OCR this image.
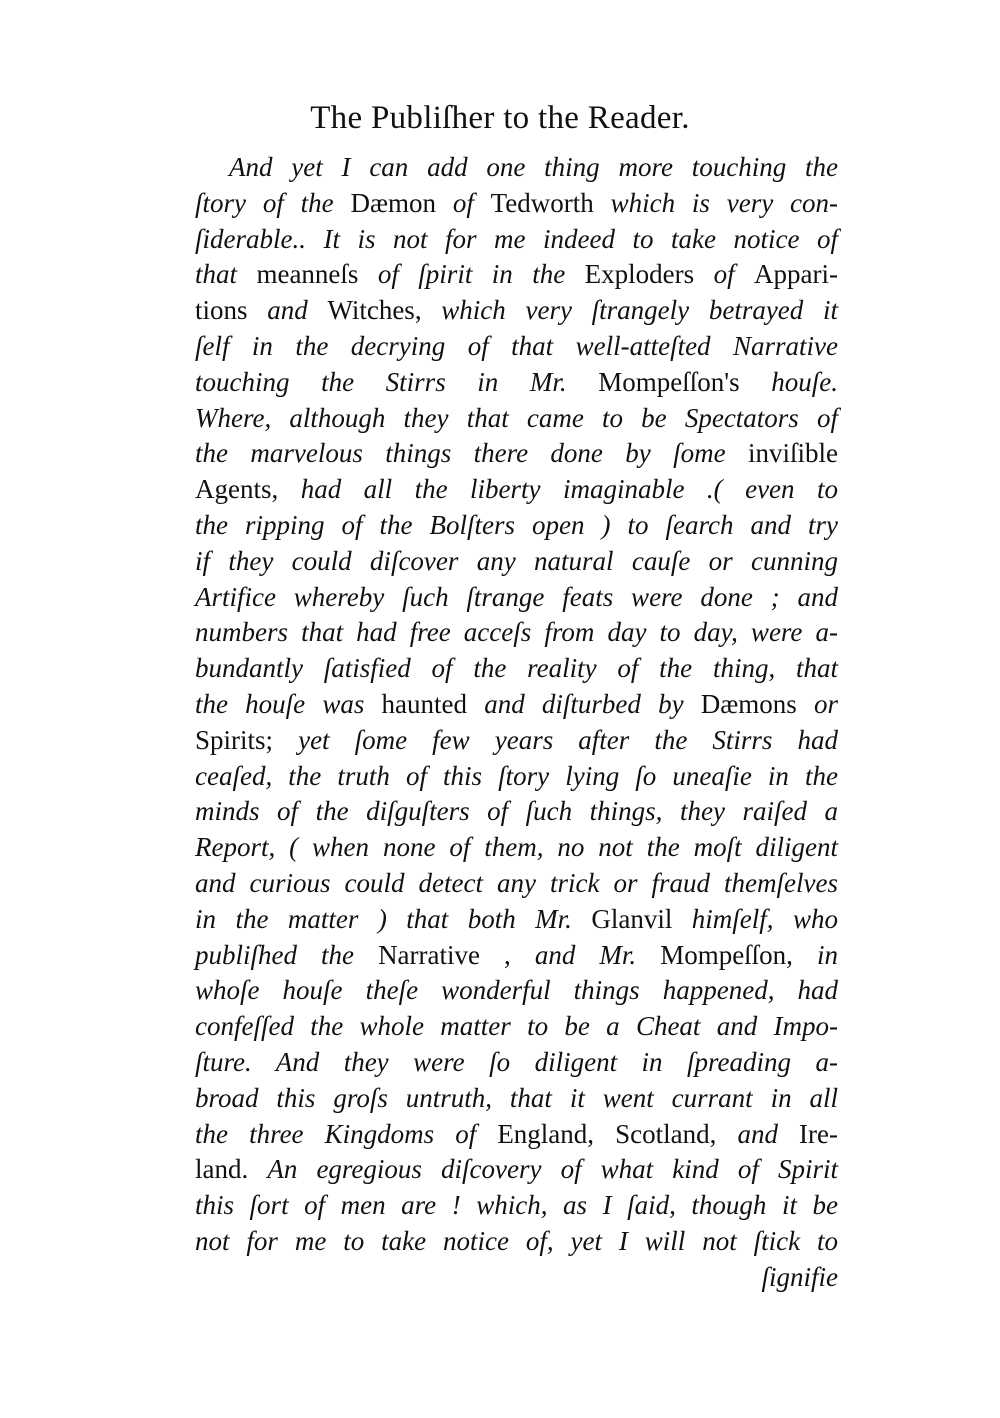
The Publiſher to the Reader.
And yet I can add one thing more touching the
ſtory of the Dæmon of Tedworth which is very con-
ſiderable.. It is not for me indeed to take notice of
that meanneſs of ſpirit in the Exploders of Appari-
tions and Witches, which very ſtrangely betrayed it
ſelf in the decrying of that well-atteſted Narrative
touching the Stirrs in Mr. Mompeſſon's houſe.
Where, although they that came to be Spectators of
the marvelous things there done by ſome inviſible
Agents, had all the liberty imaginable .( even to
the ripping of the Bolſters open ) to ſearch and try
if they could diſcover any natural cauſe or cunning
Artifice whereby ſuch ſtrange feats were done ; and
numbers that had free acceſs from day to day, were a-
bundantly ſatisfied of the reality of the thing, that
the houſe was haunted and diſturbed by Dæmons or
Spirits; yet ſome few years after the Stirrs had
ceaſed, the truth of this ſtory lying ſo uneaſie in the
minds of the diſguſters of ſuch things, they raiſed a
Report, ( when none of them, no not the moſt diligent
and curious could detect any trick or fraud themſelves
in the matter ) that both Mr. Glanvil himſelf, who
publiſhed the Narrative , and Mr. Mompeſſon, in
whoſe houſe theſe wonderful things happened, had
confeſſed the whole matter to be a Cheat and Impo-
ſture. And they were ſo diligent in ſpreading a-
broad this groſs untruth, that it went currant in all
the three Kingdoms of England, Scotland, and Ire-
land. An egregious diſcovery of what kind of Spirit
this ſort of men are ! which, as I ſaid, though it be
not for me to take notice of, yet I will not ſtick to
ſignifie
